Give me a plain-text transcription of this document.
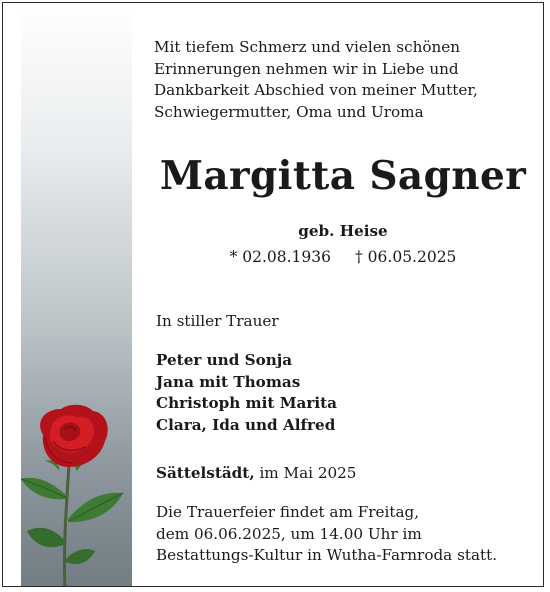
Mit tiefem Schmerz und vielen schönen
Erinnerungen nehmen wir in Liebe und
Dankbarkeit Abschied von meiner Mutter,
Schwiegermutter, Oma und Uroma
Margitta Sagner
geb. Heise
* 02.08.1936 † 06.05.2025
In stiller Trauer
Peter und Sonja
Jana mit Thomas
Christoph mit Marita
Clara, Ida und Alfred
Sättelstädt, im Mai 2025
Die Trauerfeier findet am Freitag,
dem 06.06.2025, um 14.00 Uhr im
Bestattungs-Kultur in Wutha-Farnroda statt.
